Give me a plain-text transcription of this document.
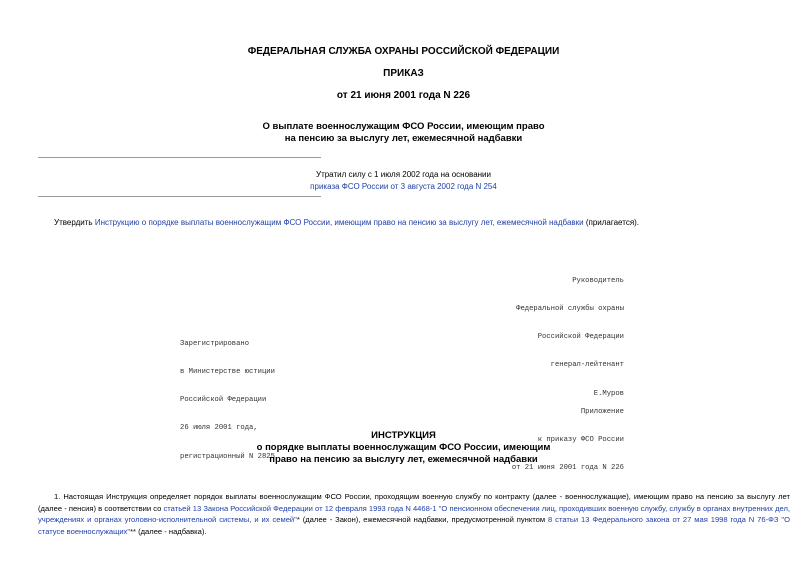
ФЕДЕРАЛЬНАЯ СЛУЖБА ОХРАНЫ РОССИЙСКОЙ ФЕДЕРАЦИИ
ПРИКАЗ
от 21 июня 2001 года N 226
О выплате военнослужащим ФСО России, имеющим право
на пенсию за выслугу лет, ежемесячной надбавки
Утратил силу с 1 июля 2002 года на основании
приказа ФСО России от 3 августа 2002 года N 254
Утвердить Инструкцию о порядке выплаты военнослужащим ФСО России, имеющим право на пенсию за выслугу лет, ежемесячной надбавки (прилагается).

Руководитель

Федеральной службы охраны

Российской Федерации

генерал-лейтенант

Е.Муров

Зарегистрировано

в Министерстве юстиции

Российской Федерации

26 июля 2001 года,

регистрационный N 2825

Приложение

к приказу ФСО России

от 21 июня 2001 года N 226

ИНСТРУКЦИЯ
о порядке выплаты военнослужащим ФСО России, имеющим
право на пенсию за выслугу лет, ежемесячной надбавки
1. Настоящая Инструкция определяет порядок выплаты военнослужащим ФСО России, проходящим военную службу по контракту (далее - военнослужащие), имеющим право на пенсию за выслугу лет (далее - пенсия) в соответствии со статьей 13 Закона Российской Федерации от 12 февраля 1993 года N 4468-1 "О пенсионном обеспечении лиц, проходивших военную службу, службу в органах внутренних дел, учреждениях и органах уголовно-исполнительной системы, и их семей"* (далее - Закон), ежемесячной надбавки, предусмотренной пунктом 8 статьи 13 Федерального закона от 27 мая 1998 года N 76-ФЗ "О статусе военнослужащих"** (далее - надбавка).
